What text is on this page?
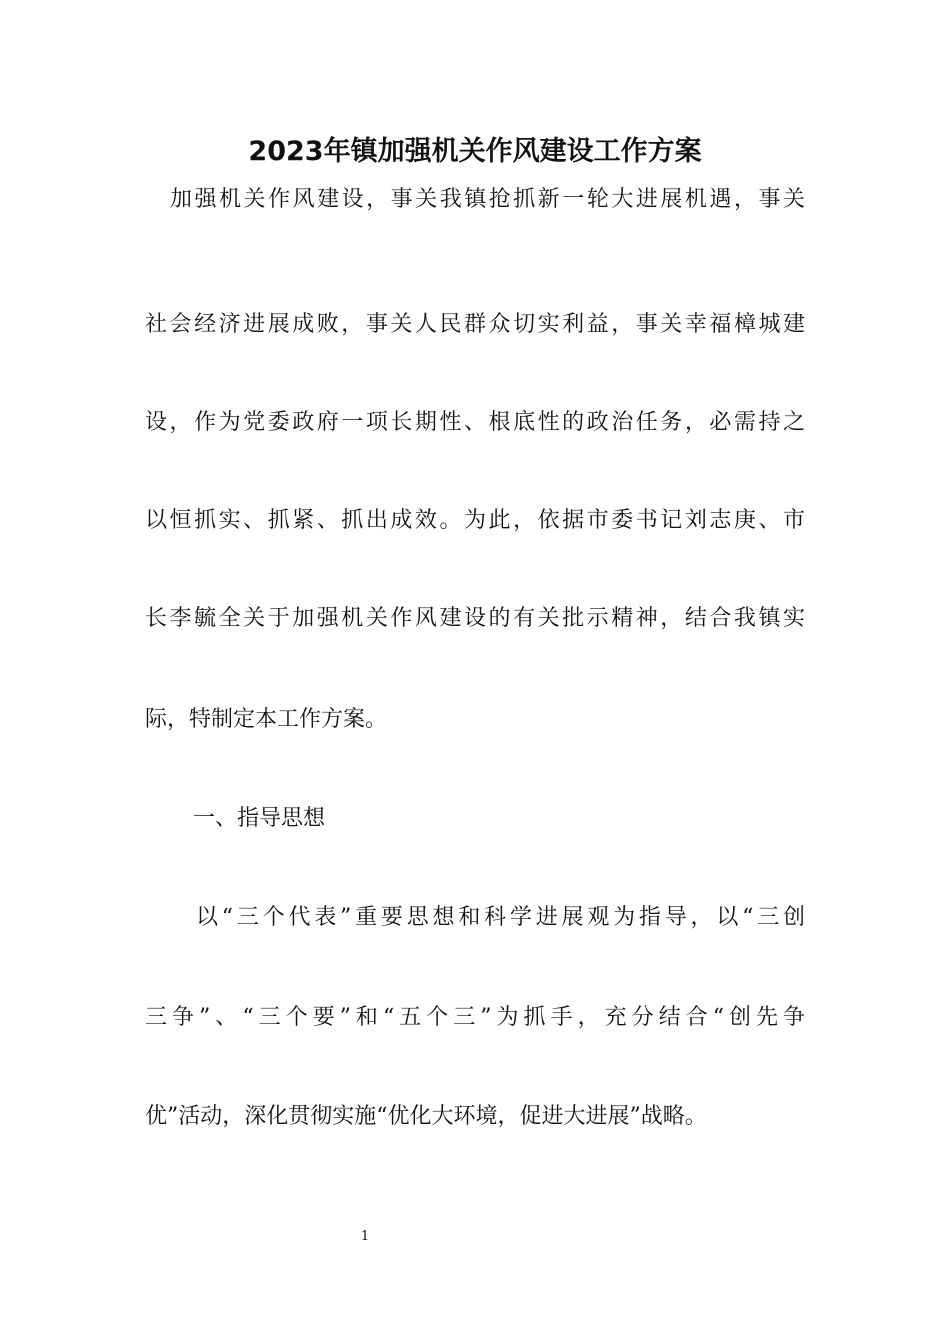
2023年镇加强机关作风建设工作方案
加强机关作风建设，事关我镇抢抓新一轮大进展机遇，事关
社会经济进展成败，事关人民群众切实利益，事关幸福樟城建
设，作为党委政府一项长期性、根底性的政治任务，必需持之
以恒抓实、抓紧、抓出成效。为此，依据市委书记刘志庚、市
长李毓全关于加强机关作风建设的有关批示精神，结合我镇实
际，特制定本工作方案。
一、指导思想
以“三个代表”重要思想和科学进展观为指导，以“三创
三争”、“三个要”和“五个三”为抓手，充分结合“创先争
优”活动，深化贯彻实施“优化大环境，促进大进展”战略。
1
